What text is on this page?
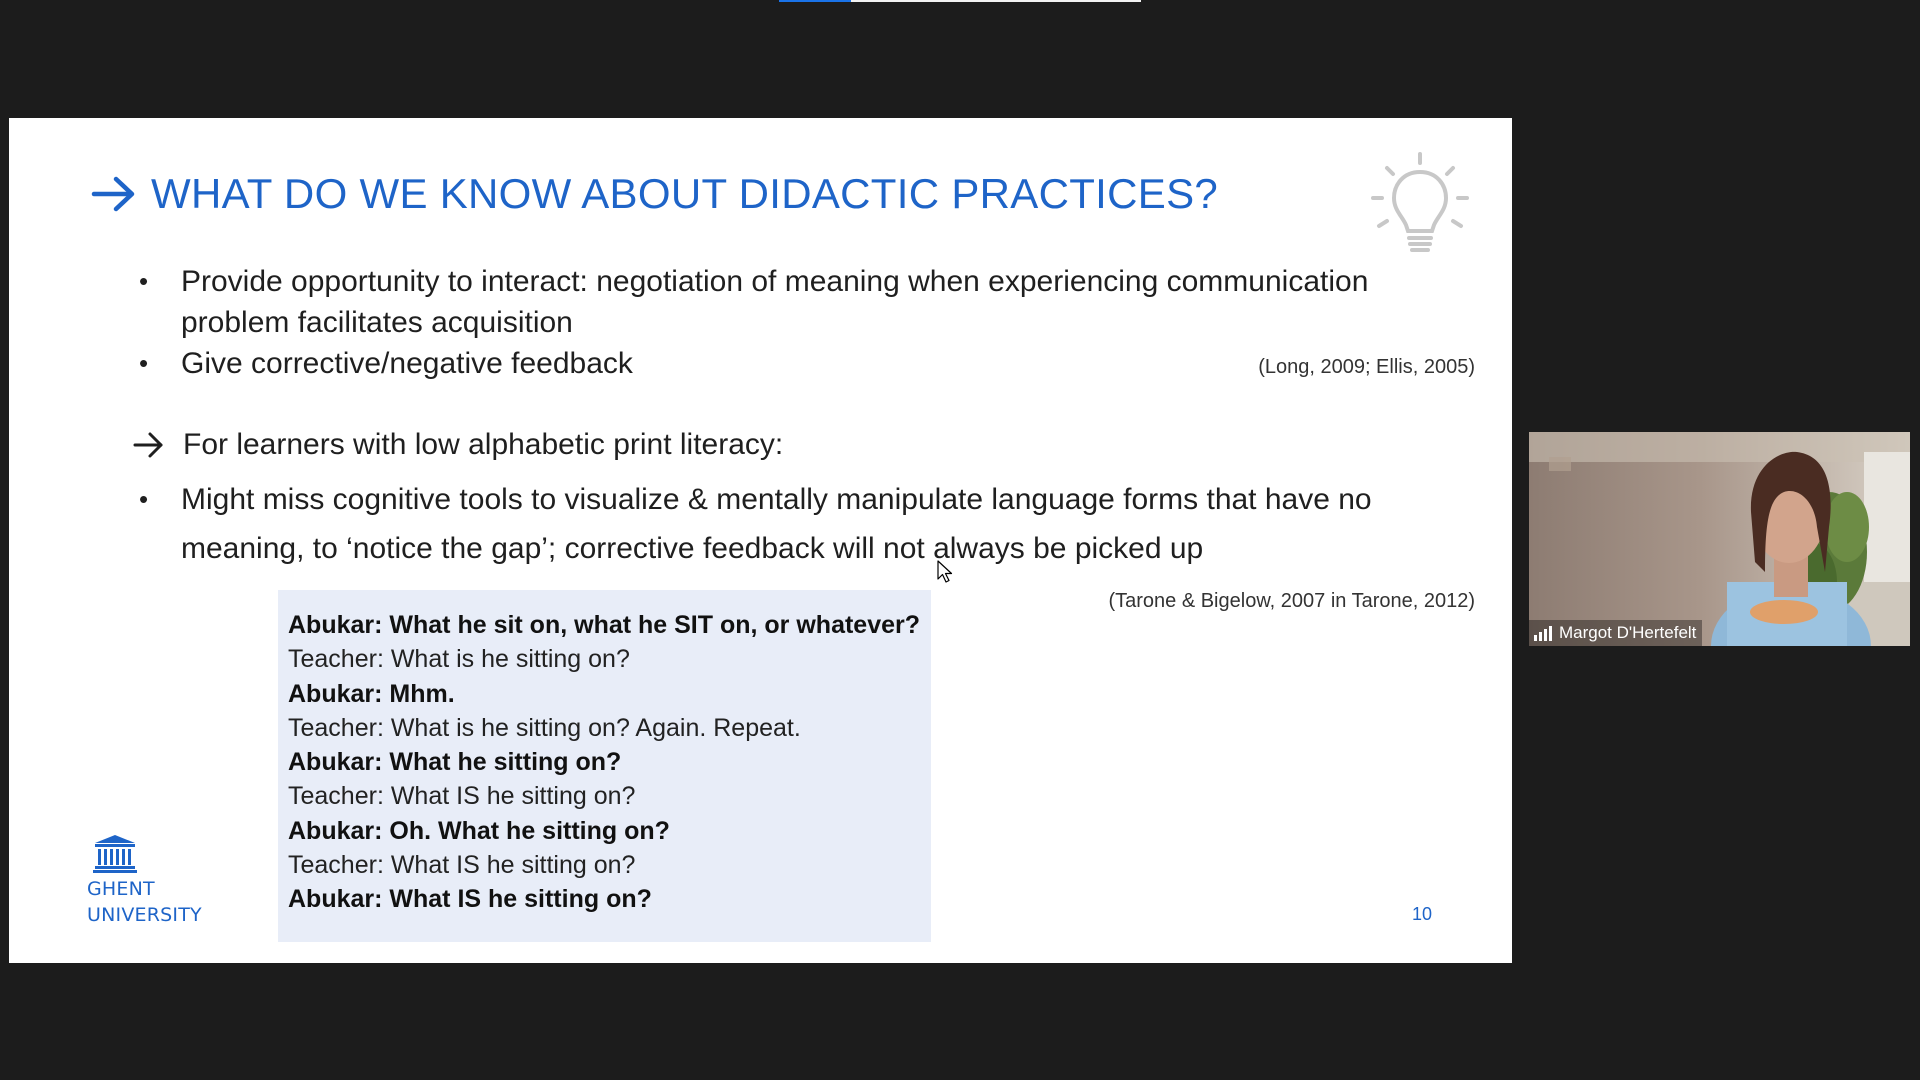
WHAT DO WE KNOW ABOUT DIDACTIC PRACTICES?
• Provide opportunity to interact: negotiation of meaning when experiencing communication problem facilitates acquisition
• Give corrective/negative feedback	(Long, 2009; Ellis, 2005)
For learners with low alphabetic print literacy:
• Might miss cognitive tools to visualize & mentally manipulate language forms that have no meaning, to ‘notice the gap’; corrective feedback will not always be picked up
(Tarone & Bigelow, 2007 in Tarone, 2012)
Abukar: What he sit on, what he SIT on, or whatever?
Teacher: What is he sitting on?
Abukar: Mhm.
Teacher: What is he sitting on? Again. Repeat.
Abukar: What he sitting on?
Teacher: What IS he sitting on?
Abukar: Oh. What he sitting on?
Teacher: What IS he sitting on?
Abukar: What IS he sitting on?
GHENT
UNIVERSITY	10
Margot D'Hertefelt
